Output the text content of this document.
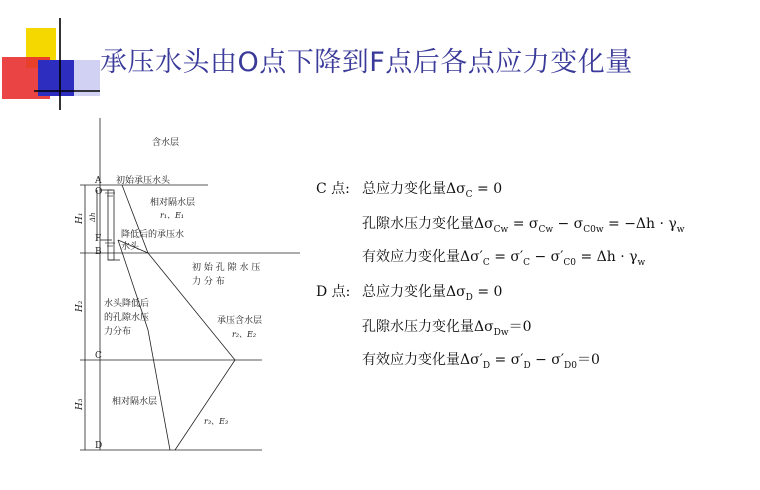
承压水头由O点下降到F点后各点应力变化量
含水层
初始承压水头
相对隔水层
r₁、E₁
降低后的承压水
水头
初 始 孔 隙 水 压
力 分 布
水头降低后
的孔隙水压
力分布
承压含水层
r₂、E₂
相对隔水层
r₃、E₃
A
O
F
B
C
D
H₁
H₂
H₃
Δh
C 点: 总应力变化量$\Delta\sigma_C = 0$
孔隙水压力变化量$\Delta\sigma_{Cw} = \sigma_{Cw} - \sigma_{C0w} = -\Delta h \cdot \gamma_w$
有效应力变化量$\Delta\sigma'_C = \sigma'_C - \sigma'_{C0} = \Delta h \cdot \gamma_w$
D 点: 总应力变化量$\Delta\sigma_D = 0$
孔隙水压力变化量$\Delta\sigma_{Dw}=0$
有效应力变化量$\Delta\sigma'_D = \sigma'_D - \sigma'_{D0}=0$
